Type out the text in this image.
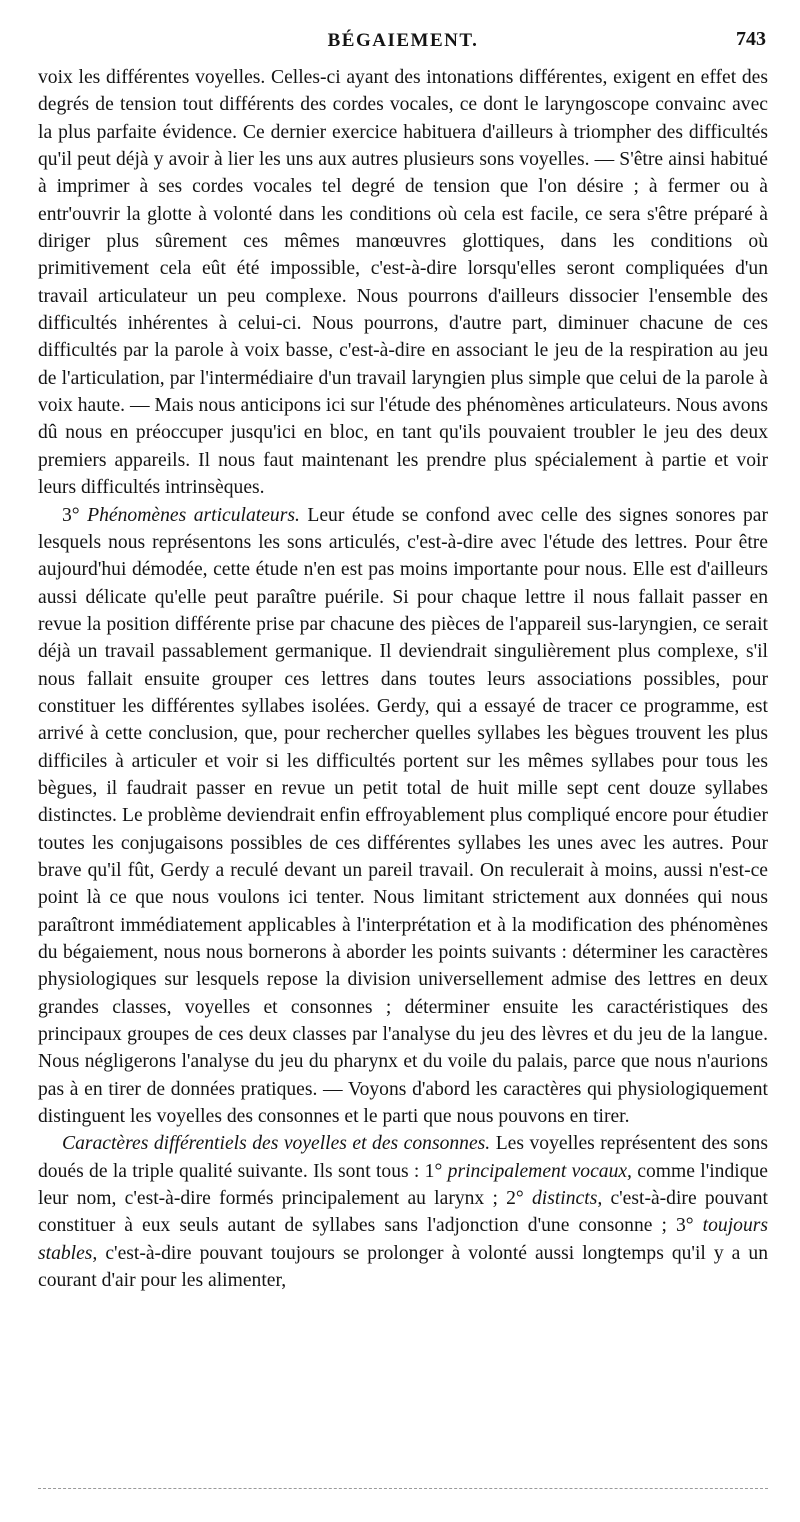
BÉGAIEMENT.	743

voix les différentes voyelles. Celles-ci ayant des intonations différentes, exigent en effet des degrés de tension tout différents des cordes vocales, ce dont le laryngoscope convainc avec la plus parfaite évidence. Ce dernier exercice habituera d'ailleurs à triompher des difficultés qu'il peut déjà y avoir à lier les uns aux autres plusieurs sons voyelles. — S'être ainsi habitué à imprimer à ses cordes vocales tel degré de tension que l'on désire ; à fermer ou à entr'ouvrir la glotte à volonté dans les conditions où cela est facile, ce sera s'être préparé à diriger plus sûrement ces mêmes manœuvres glottiques, dans les conditions où primitivement cela eût été impossible, c'est-à-dire lorsqu'elles seront compliquées d'un travail articulateur un peu complexe. Nous pourrons d'ailleurs dissocier l'ensemble des difficultés inhérentes à celui-ci. Nous pourrons, d'autre part, diminuer chacune de ces difficultés par la parole à voix basse, c'est-à-dire en associant le jeu de la respiration au jeu de l'articulation, par l'intermédiaire d'un travail laryngien plus simple que celui de la parole à voix haute. — Mais nous anticipons ici sur l'étude des phénomènes articulateurs. Nous avons dû nous en préoccuper jusqu'ici en bloc, en tant qu'ils pouvaient troubler le jeu des deux premiers appareils. Il nous faut maintenant les prendre plus spécialement à partie et voir leurs difficultés intrinsèques.

3° Phénomènes articulateurs. Leur étude se confond avec celle des signes sonores par lesquels nous représentons les sons articulés, c'est-à-dire avec l'étude des lettres. Pour être aujourd'hui démodée, cette étude n'en est pas moins importante pour nous. Elle est d'ailleurs aussi délicate qu'elle peut paraître puérile. Si pour chaque lettre il nous fallait passer en revue la position différente prise par chacune des pièces de l'appareil sus-laryngien, ce serait déjà un travail passablement germanique. Il deviendrait singulièrement plus complexe, s'il nous fallait ensuite grouper ces lettres dans toutes leurs associations possibles, pour constituer les différentes syllabes isolées. Gerdy, qui a essayé de tracer ce programme, est arrivé à cette conclusion, que, pour rechercher quelles syllabes les bègues trouvent les plus difficiles à articuler et voir si les difficultés portent sur les mêmes syllabes pour tous les bègues, il faudrait passer en revue un petit total de huit mille sept cent douze syllabes distinctes. Le problème deviendrait enfin effroyablement plus compliqué encore pour étudier toutes les conjugaisons possibles de ces différentes syllabes les unes avec les autres. Pour brave qu'il fût, Gerdy a reculé devant un pareil travail. On reculerait à moins, aussi n'est-ce point là ce que nous voulons ici tenter. Nous limitant strictement aux données qui nous paraîtront immédiatement applicables à l'interprétation et à la modification des phénomènes du bégaiement, nous nous bornerons à aborder les points suivants : déterminer les caractères physiologiques sur lesquels repose la division universellement admise des lettres en deux grandes classes, voyelles et consonnes ; déterminer ensuite les caractéristiques des principaux groupes de ces deux classes par l'analyse du jeu des lèvres et du jeu de la langue. Nous négligerons l'analyse du jeu du pharynx et du voile du palais, parce que nous n'aurions pas à en tirer de données pratiques. — Voyons d'abord les caractères qui physiologiquement distinguent les voyelles des consonnes et le parti que nous pouvons en tirer.

Caractères différentiels des voyelles et des consonnes. Les voyelles représentent des sons doués de la triple qualité suivante. Ils sont tous : 1° principalement vocaux, comme l'indique leur nom, c'est-à-dire formés principalement au larynx ; 2° distincts, c'est-à-dire pouvant constituer à eux seuls autant de syllabes sans l'adjonction d'une consonne ; 3° toujours stables, c'est-à-dire pouvant toujours se prolonger à volonté aussi longtemps qu'il y a un courant d'air pour les alimenter,
